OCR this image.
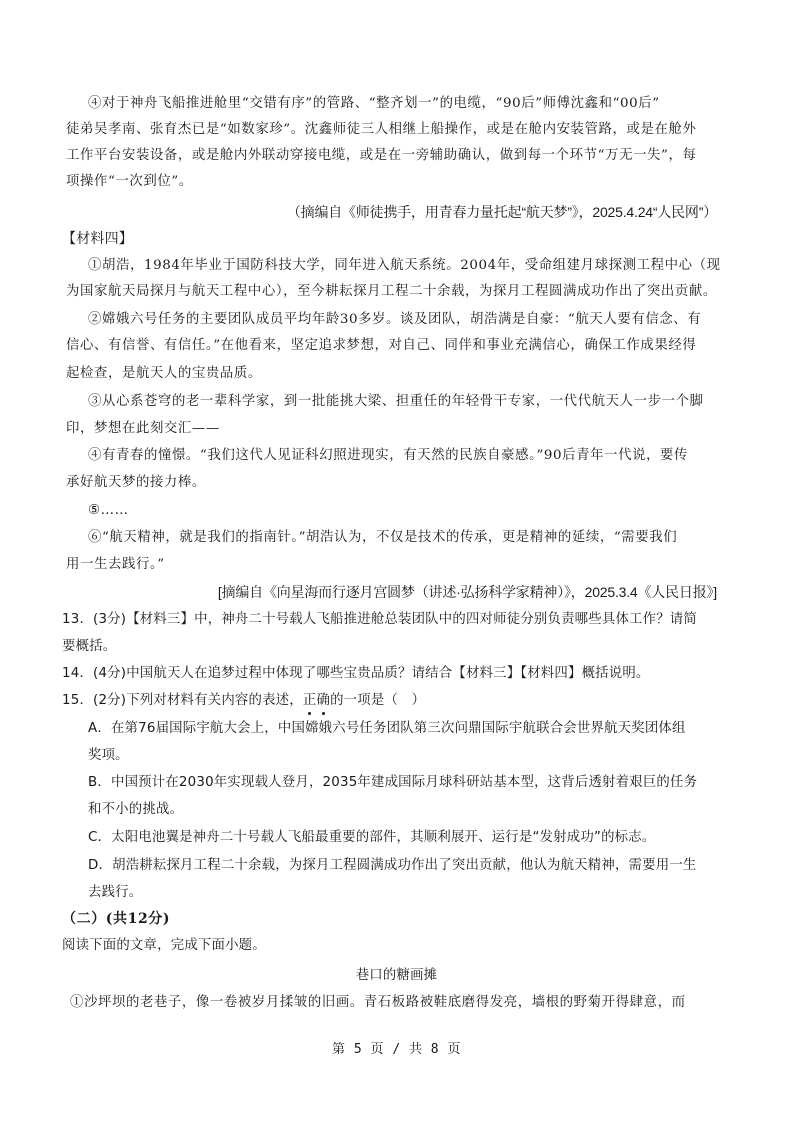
④对于神舟飞船推进舱里“交错有序”的管路、“整齐划一”的电缆，“90后”师傅沈鑫和“00后”
徒弟吴孝南、张育杰已是“如数家珍”。沈鑫师徒三人相继上船操作，或是在舱内安装管路，或是在舱外
工作平台安装设备，或是舱内外联动穿接电缆，或是在一旁辅助确认，做到每一个环节“万无一失”，每
项操作“一次到位”。
（摘编自《师徒携手，用青春力量托起“航天梦”》，2025.4.24“人民网”）
【材料四】
①胡浩，1984年毕业于国防科技大学，同年进入航天系统。2004年，受命组建月球探测工程中心（现
为国家航天局探月与航天工程中心），至今耕耘探月工程二十余载，为探月工程圆满成功作出了突出贡献。
②嫦娥六号任务的主要团队成员平均年龄30多岁。谈及团队，胡浩满是自豪：“航天人要有信念、有
信心、有信誉、有信任。”在他看来，坚定追求梦想，对自己、同伴和事业充满信心，确保工作成果经得
起检查，是航天人的宝贵品质。
③从心系苍穹的老一辈科学家，到一批能挑大梁、担重任的年轻骨干专家，一代代航天人一步一个脚
印，梦想在此刻交汇——
④有青春的憧憬。“我们这代人见证科幻照进现实，有天然的民族自豪感。”90后青年一代说，要传
承好航天梦的接力棒。
⑤……
⑥“航天精神，就是我们的指南针。”胡浩认为，不仅是技术的传承，更是精神的延续，“需要我们
用一生去践行。”
[摘编自《向星海而行逐月宫圆梦（讲述·弘扬科学家精神）》，2025.3.4《人民日报》]
13．(3分)【材料三】中，神舟二十号载人飞船推进舱总装团队中的四对师徒分别负责哪些具体工作？请简
要概括。
14．(4分)中国航天人在追梦过程中体现了哪些宝贵品质？请结合【材料三】【材料四】概括说明。
15．(2分)下列对材料有关内容的表述，正确的一项是（　）
A．在第76届国际宇航大会上，中国嫦娥六号任务团队第三次问鼎国际宇航联合会世界航天奖团体组
奖项。
B．中国预计在2030年实现载人登月，2035年建成国际月球科研站基本型，这背后透射着艰巨的任务
和不小的挑战。
C．太阳电池翼是神舟二十号载人飞船最重要的部件，其顺利展开、运行是“发射成功”的标志。
D．胡浩耕耘探月工程二十余载，为探月工程圆满成功作出了突出贡献，他认为航天精神，需要用一生
去践行。
（二）(共12分)
阅读下面的文章，完成下面小题。
巷口的糖画摊
①沙坪坝的老巷子，像一卷被岁月揉皱的旧画。青石板路被鞋底磨得发亮，墙根的野菊开得肆意，而
第 5 页 / 共 8 页
